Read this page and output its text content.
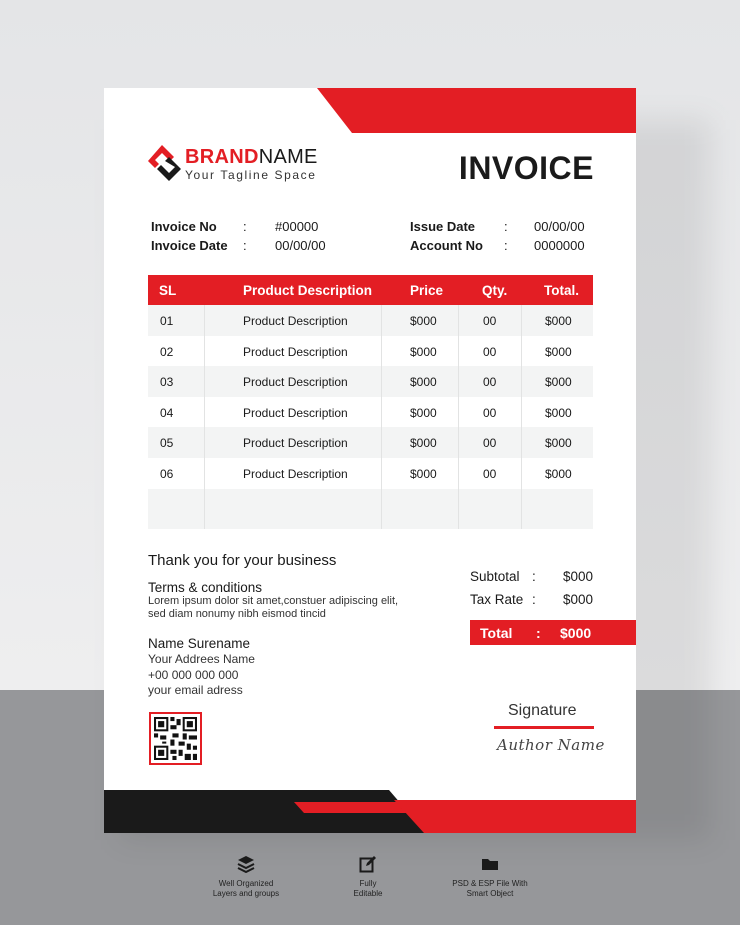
BRANDNAME
Your Tagline Space	INVOICE
Invoice No : #00000
Invoice Date : 00/00/00
Issue Date : 00/00/00
Account No : 0000000
SL	Product Description	Price	Qty.	Total.
01	Product Description	$000	00	$000
02	Product Description	$000	00	$000
03	Product Description	$000	00	$000
04	Product Description	$000	00	$000
05	Product Description	$000	00	$000
06	Product Description	$000	00	$000
Thank you for your business
Terms & conditions
Lorem ipsum dolor sit amet,constuer adipiscing elit,
sed diam nonumy nibh eismod tincid
Name Surename
Your Addrees Name
+00 000 000 000
your email adress
Subtotal : $000
Tax Rate : $000
Total : $000
Signature
Author Name
Well Organized
Layers and groups
Fully
Editable
PSD & ESP File With
Smart Object
